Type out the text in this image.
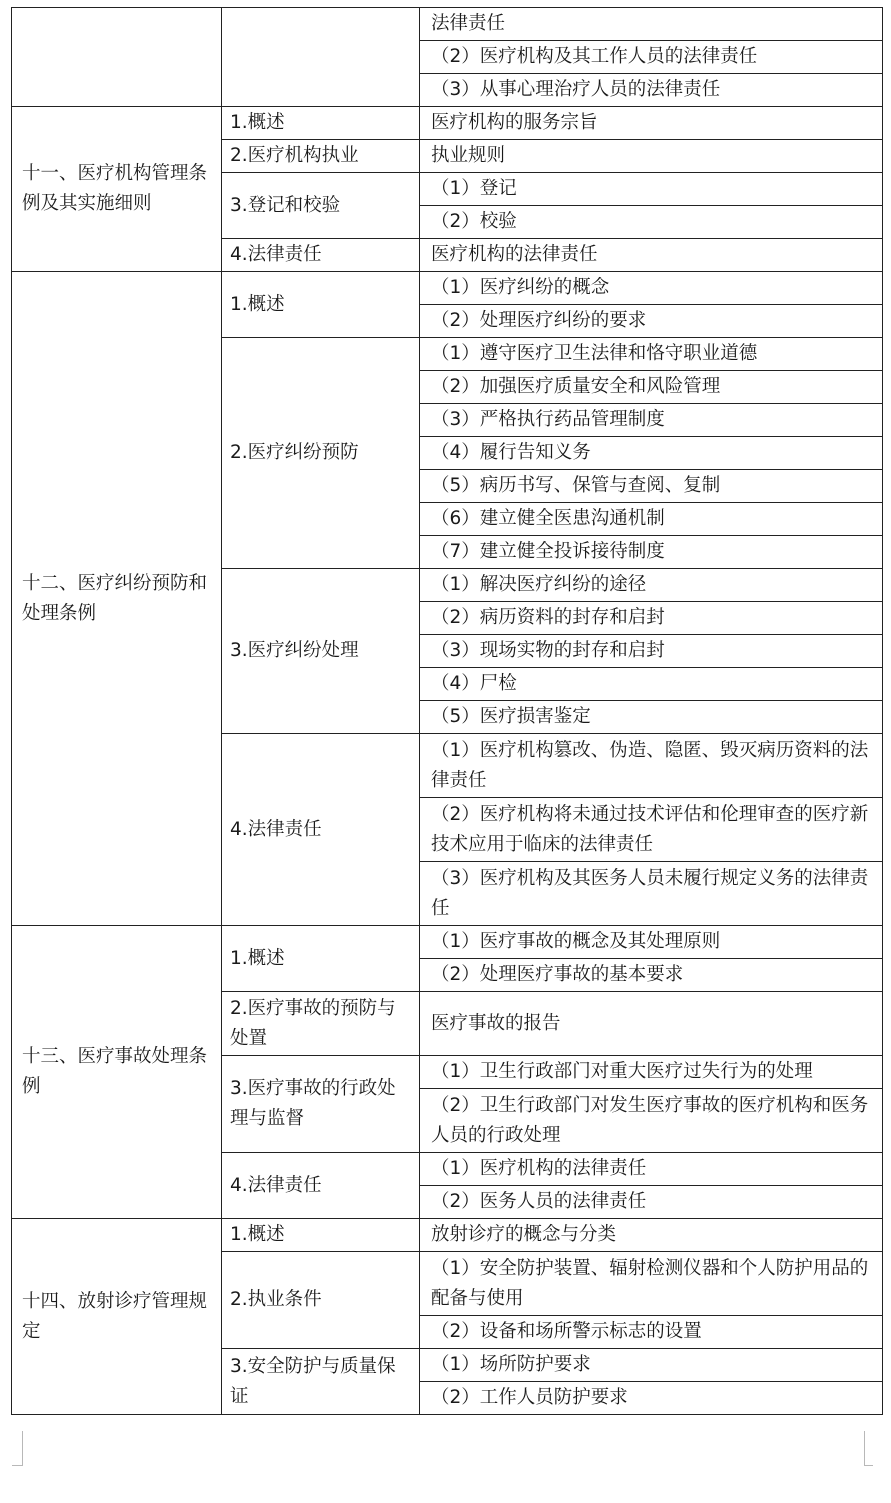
		法律责任
		（2）医疗机构及其工作人员的法律责任
		（3）从事心理治疗人员的法律责任
十一、医疗机构管理条例及其实施细则	1.概述	医疗机构的服务宗旨
	2.医疗机构执业	执业规则
	3.登记和校验	（1）登记
		（2）校验
	4.法律责任	医疗机构的法律责任
十二、医疗纠纷预防和处理条例	1.概述	（1）医疗纠纷的概念
		（2）处理医疗纠纷的要求
	2.医疗纠纷预防	（1）遵守医疗卫生法律和恪守职业道德
		（2）加强医疗质量安全和风险管理
		（3）严格执行药品管理制度
		（4）履行告知义务
		（5）病历书写、保管与查阅、复制
		（6）建立健全医患沟通机制
		（7）建立健全投诉接待制度
	3.医疗纠纷处理	（1）解决医疗纠纷的途径
		（2）病历资料的封存和启封
		（3）现场实物的封存和启封
		（4）尸检
		（5）医疗损害鉴定
	4.法律责任	（1）医疗机构篡改、伪造、隐匿、毁灭病历资料的法律责任
		（2）医疗机构将未通过技术评估和伦理审查的医疗新技术应用于临床的法律责任
		（3）医疗机构及其医务人员未履行规定义务的法律责任
十三、医疗事故处理条例	1.概述	（1）医疗事故的概念及其处理原则
		（2）处理医疗事故的基本要求
	2.医疗事故的预防与处置	医疗事故的报告
	3.医疗事故的行政处理与监督	（1）卫生行政部门对重大医疗过失行为的处理
		（2）卫生行政部门对发生医疗事故的医疗机构和医务人员的行政处理
	4.法律责任	（1）医疗机构的法律责任
		（2）医务人员的法律责任
十四、放射诊疗管理规定	1.概述	放射诊疗的概念与分类
	2.执业条件	（1）安全防护装置、辐射检测仪器和个人防护用品的配备与使用
		（2）设备和场所警示标志的设置
	3.安全防护与质量保证	（1）场所防护要求
		（2）工作人员防护要求
